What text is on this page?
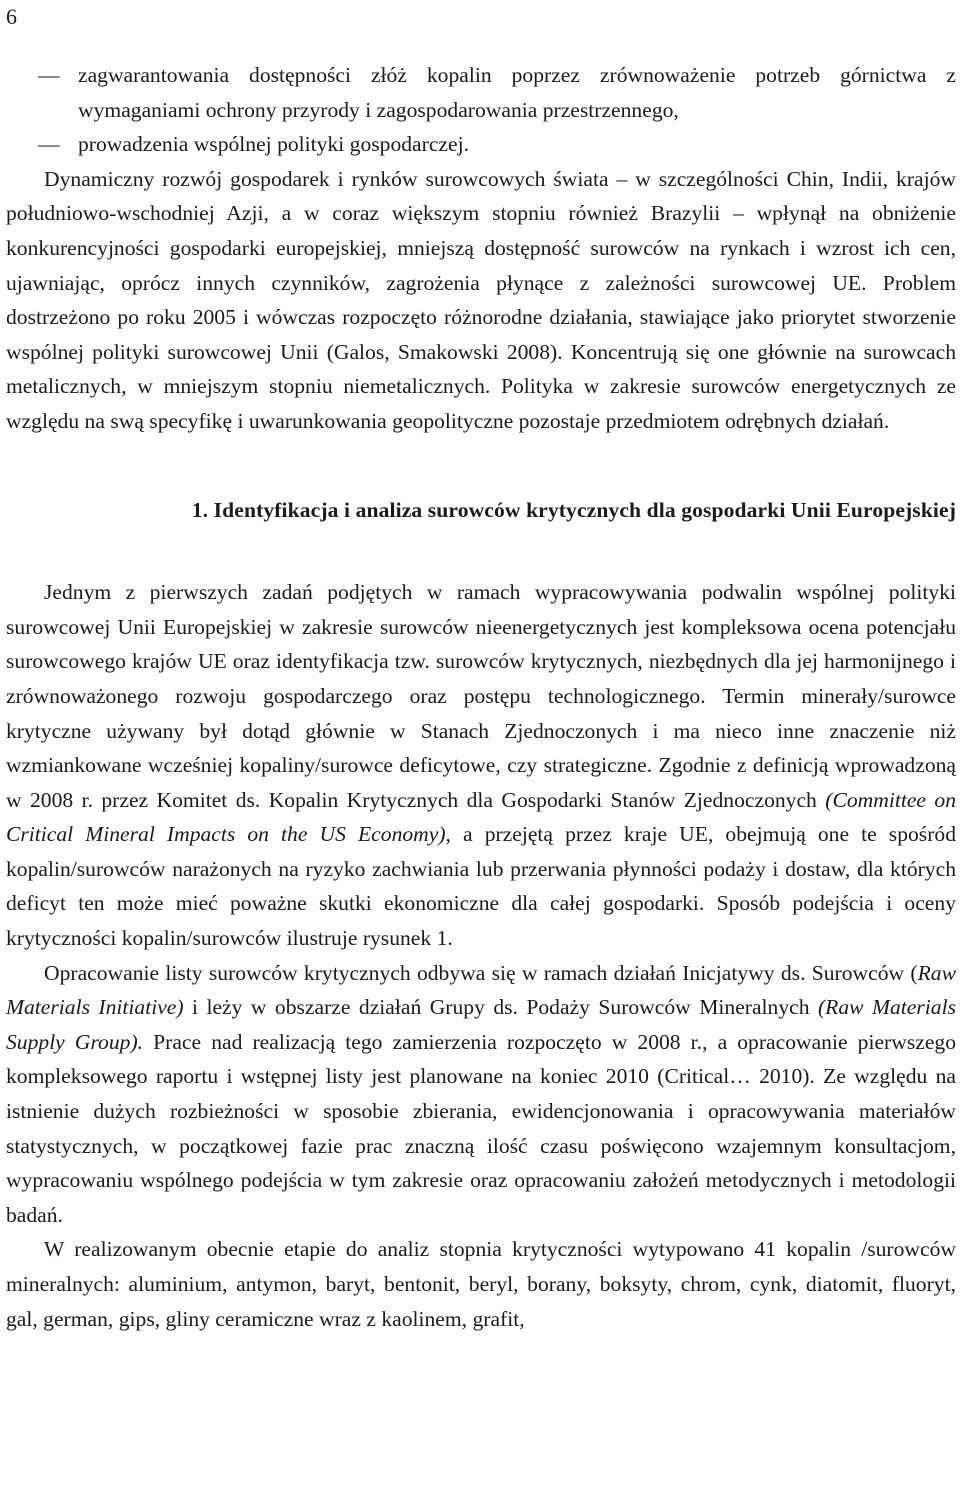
6
— zagwarantowania dostępności złóż kopalin poprzez zrównoważenie potrzeb górnictwa z wymaganiami ochrony przyrody i zagospodarowania przestrzennego,
— prowadzenia wspólnej polityki gospodarczej.

Dynamiczny rozwój gospodarek i rynków surowcowych świata – w szczególności Chin, Indii, krajów południowo-wschodniej Azji, a w coraz większym stopniu również Brazylii – wpłynął na obniżenie konkurencyjności gospodarki europejskiej, mniejszą dostępność surowców na rynkach i wzrost ich cen, ujawniając, oprócz innych czynników, zagrożenia płynące z zależności surowcowej UE. Problem dostrzeżono po roku 2005 i wówczas rozpoczęto różnorodne działania, stawiające jako priorytet stworzenie wspólnej polityki surowcowej Unii (Galos, Smakowski 2008). Koncentrują się one głównie na surowcach metalicznych, w mniejszym stopniu niemetalicznych. Polityka w zakresie surowców energetycznych ze względu na swą specyfikę i uwarunkowania geopolityczne pozostaje przedmiotem odrębnych działań.

1. Identyfikacja i analiza surowców krytycznych dla gospodarki Unii Europejskiej

Jednym z pierwszych zadań podjętych w ramach wypracowywania podwalin wspólnej polityki surowcowej Unii Europejskiej w zakresie surowców nieenergetycznych jest kompleksowa ocena potencjału surowcowego krajów UE oraz identyfikacja tzw. surowców krytycznych, niezbędnych dla jej harmonijnego i zrównoważonego rozwoju gospodarczego oraz postępu technologicznego. Termin minerały/surowce krytyczne używany był dotąd głównie w Stanach Zjednoczonych i ma nieco inne znaczenie niż wzmiankowane wcześniej kopaliny/surowce deficytowe, czy strategiczne. Zgodnie z definicją wprowadzoną w 2008 r. przez Komitet ds. Kopalin Krytycznych dla Gospodarki Stanów Zjednoczonych (Committee on Critical Mineral Impacts on the US Economy), a przejętą przez kraje UE, obejmują one te spośród kopalin/surowców narażonych na ryzyko zachwiania lub przerwania płynności podaży i dostaw, dla których deficyt ten może mieć poważne skutki ekonomiczne dla całej gospodarki. Sposób podejścia i oceny krytyczności kopalin/surowców ilustruje rysunek 1.

Opracowanie listy surowców krytycznych odbywa się w ramach działań Inicjatywy ds. Surowców (Raw Materials Initiative) i leży w obszarze działań Grupy ds. Podaży Surowców Mineralnych (Raw Materials Supply Group). Prace nad realizacją tego zamierzenia rozpoczęto w 2008 r., a opracowanie pierwszego kompleksowego raportu i wstępnej listy jest planowane na koniec 2010 (Critical… 2010). Ze względu na istnienie dużych rozbieżności w sposobie zbierania, ewidencjonowania i opracowywania materiałów statystycznych, w początkowej fazie prac znaczną ilość czasu poświęcono wzajemnym konsultacjom, wypracowaniu wspólnego podejścia w tym zakresie oraz opracowaniu założeń metodycznych i metodologii badań.

W realizowanym obecnie etapie do analiz stopnia krytyczności wytypowano 41 kopalin /surowców mineralnych: aluminium, antymon, baryt, bentonit, beryl, borany, boksyty, chrom, cynk, diatomit, fluoryt, gal, german, gips, gliny ceramiczne wraz z kaolinem, grafit,
